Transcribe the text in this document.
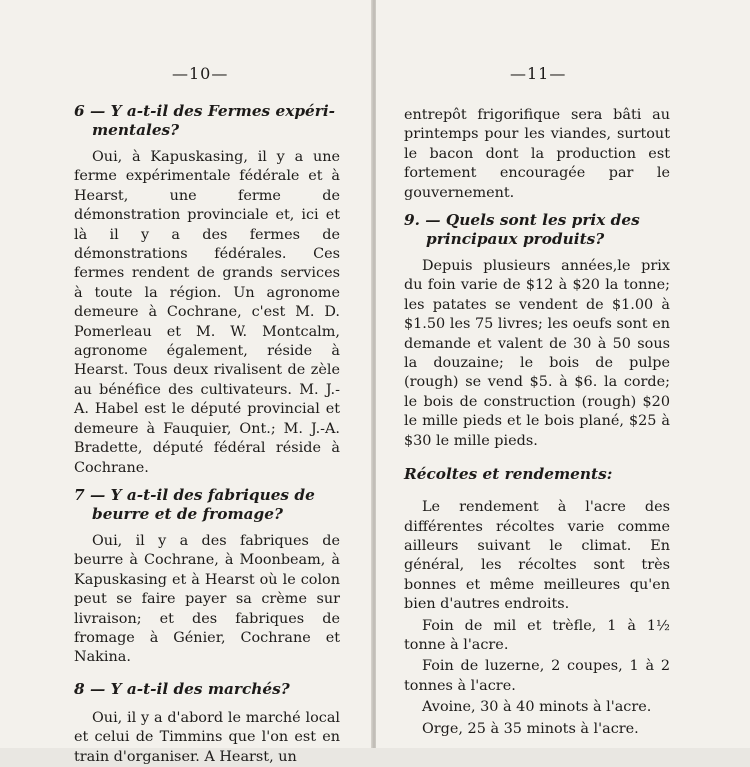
—10—

6 — Y a-t-il des Fermes expéri-
mentales?

Oui, à Kapuskasing, il y a une ferme expérimentale fédérale et à Hearst, une ferme de démonstration provinciale et, ici et là il y a des fermes de démonstrations fédérales. Ces fermes rendent de grands services à toute la région. Un agronome demeure à Cochrane, c'est M. D. Pomerleau et M. W. Montcalm, agronome également, réside à Hearst. Tous deux rivalisent de zèle au bénéfice des cultivateurs. M. J.-A. Habel est le député provincial et demeure à Fauquier, Ont.; M. J.-A. Bradette, député fédéral réside à Cochrane.

7 — Y a-t-il des fabriques de
beurre et de fromage?

Oui, il y a des fabriques de beurre à Cochrane, à Moonbeam, à Kapuskasing et à Hearst où le colon peut se faire payer sa crème sur livraison; et des fabriques de fromage à Génier, Cochrane et Nakina.

8 — Y a-t-il des marchés?

Oui, il y a d'abord le marché local et celui de Timmins que l'on est en train d'organiser. A Hearst, un

—11—

entrepôt frigorifique sera bâti au printemps pour les viandes, surtout le bacon dont la production est fortement encouragée par le gouvernement.

9. — Quels sont les prix des
principaux produits?

Depuis plusieurs années,le prix du foin varie de $12 à $20 la tonne; les patates se vendent de $1.00 à $1.50 les 75 livres; les oeufs sont en demande et valent de 30 à 50 sous la douzaine; le bois de pulpe (rough) se vend $5. à $6. la corde; le bois de construction (rough) $20 le mille pieds et le bois plané, $25 à $30 le mille pieds.

Récoltes et rendements:

Le rendement à l'acre des différentes récoltes varie comme ailleurs suivant le climat. En général, les récoltes sont très bonnes et même meilleures qu'en bien d'autres endroits.

Foin de mil et trèfle, 1 à 1½ tonne à l'acre.

Foin de luzerne, 2 coupes, 1 à 2 tonnes à l'acre.

Avoine, 30 à 40 minots à l'acre.

Orge, 25 à 35 minots à l'acre.
